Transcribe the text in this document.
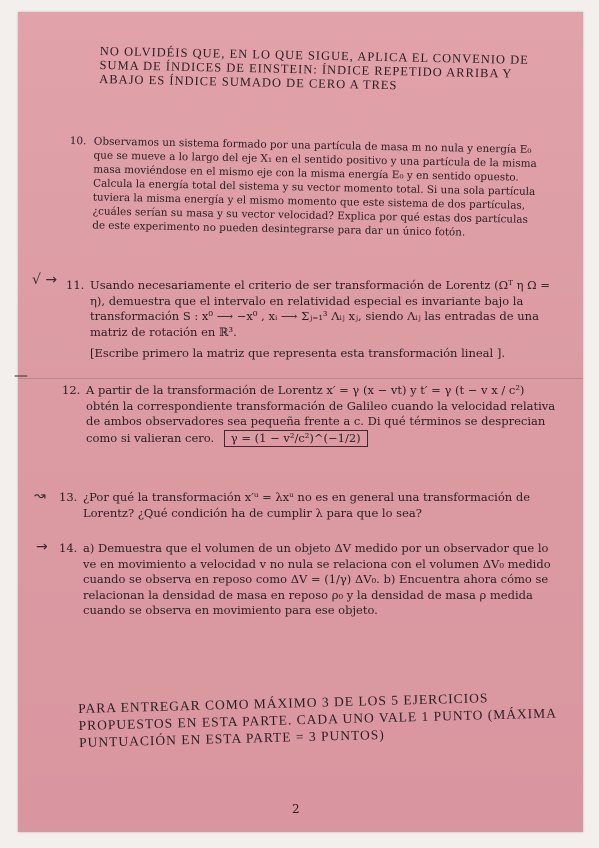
NO OLVIDÉIS QUE, EN LO QUE SIGUE, APLICA EL CONVENIO DE SUMA DE ÍNDICES DE EINSTEIN: ÍNDICE REPETIDO ARRIBA Y ABAJO ES ÍNDICE SUMADO DE CERO A TRES
10. Observamos un sistema formado por una partícula de masa m no nula y energía E₀ que se mueve a lo largo del eje X₁ en el sentido positivo y una partícula de la misma masa moviéndose en el mismo eje con la misma energía E₀ y en sentido opuesto. Calcula la energía total del sistema y su vector momento total. Si una sola partícula tuviera la misma energía y el mismo momento que este sistema de dos partículas, ¿cuáles serían su masa y su vector velocidad? Explica por qué estas dos partículas de este experimento no pueden desintegrarse para dar un único fotón.
√ → 11. Usando necesariamente el criterio de ser transformación de Lorentz (Ωᵀ η Ω = η), demuestra que el intervalo en relatividad especial es invariante bajo la transformación S : x⁰ ⟶ −x⁰ , xᵢ ⟶ Σⱼ₌₁³ Λᵢⱼ xⱼ, siendo Λᵢⱼ las entradas de una matriz de rotación en ℝ³.
[Escribe primero la matriz que representa esta transformación lineal ].
—
12. A partir de la transformación de Lorentz x′ = γ (x − vt) y t′ = γ (t − v x / c²) obtén la correspondiente transformación de Galileo cuando la velocidad relativa de ambos observadores sea pequeña frente a c. Di qué términos se desprecian como si valieran cero. γ = (1 − v²/c²)^(−1/2)
↝ 13. ¿Por qué la transformación x′ᵘ = λxᵘ no es en general una transformación de Lorentz? ¿Qué condición ha de cumplir λ para que lo sea?
→ 14. a) Demuestra que el volumen de un objeto ΔV medido por un observador que lo ve en movimiento a velocidad v no nula se relaciona con el volumen ΔV₀ medido cuando se observa en reposo como ΔV = (1/γ) ΔV₀. b) Encuentra ahora cómo se relacionan la densidad de masa en reposo ρ₀ y la densidad de masa ρ medida cuando se observa en movimiento para ese objeto.
PARA ENTREGAR COMO MÁXIMO 3 DE LOS 5 EJERCICIOS PROPUESTOS EN ESTA PARTE. CADA UNO VALE 1 PUNTO (MÁXIMA PUNTUACIÓN EN ESTA PARTE = 3 PUNTOS)
2
